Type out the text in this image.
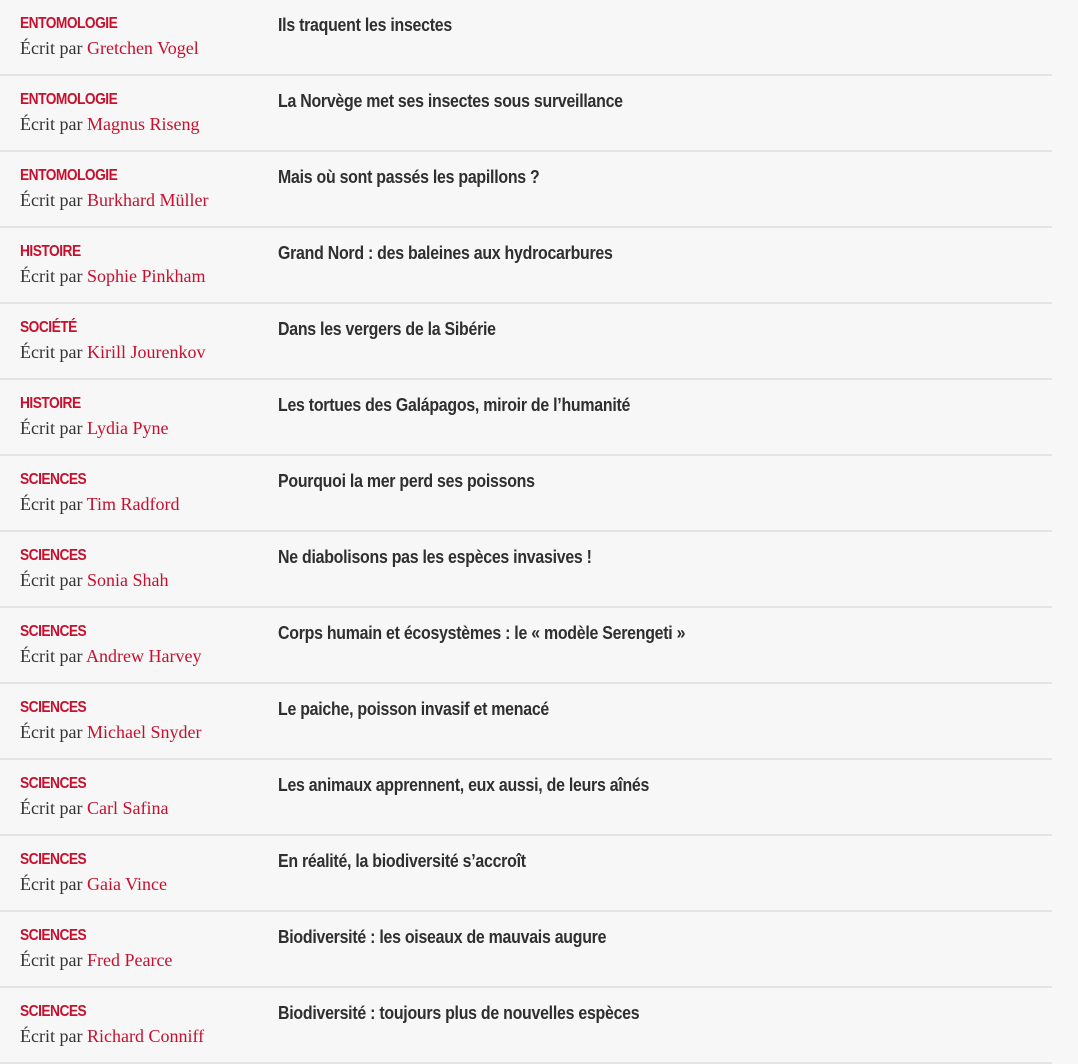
ENTOMOLOGIE
Écrit par Gretchen Vogel
Ils traquent les insectes
ENTOMOLOGIE
Écrit par Magnus Riseng
La Norvège met ses insectes sous surveillance
ENTOMOLOGIE
Écrit par Burkhard Müller
Mais où sont passés les papillons ?
HISTOIRE
Écrit par Sophie Pinkham
Grand Nord : des baleines aux hydrocarbures
SOCIÉTÉ
Écrit par Kirill Jourenkov
Dans les vergers de la Sibérie
HISTOIRE
Écrit par Lydia Pyne
Les tortues des Galápagos, miroir de l’humanité
SCIENCES
Écrit par Tim Radford
Pourquoi la mer perd ses poissons
SCIENCES
Écrit par Sonia Shah
Ne diabolisons pas les espèces invasives !
SCIENCES
Écrit par Andrew Harvey
Corps humain et écosystèmes : le « modèle Serengeti »
SCIENCES
Écrit par Michael Snyder
Le paiche, poisson invasif et menacé
SCIENCES
Écrit par Carl Safina
Les animaux apprennent, eux aussi, de leurs aînés
SCIENCES
Écrit par Gaia Vince
En réalité, la biodiversité s’accroît
SCIENCES
Écrit par Fred Pearce
Biodiversité : les oiseaux de mauvais augure
SCIENCES
Écrit par Richard Conniff
Biodiversité : toujours plus de nouvelles espèces
